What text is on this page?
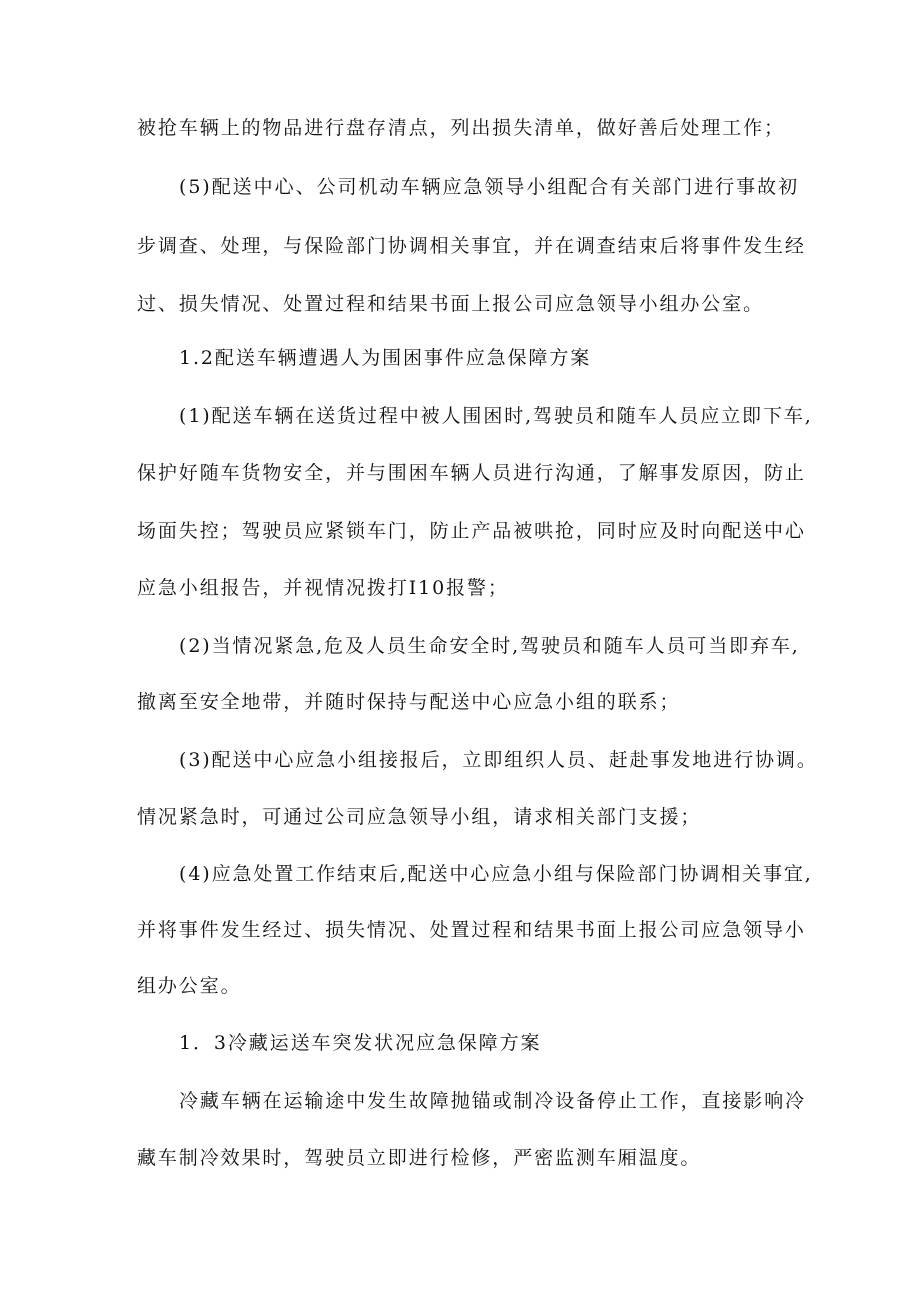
被抢车辆上的物品进行盘存清点，列出损失清单，做好善后处理工作；
(5)配送中心、公司机动车辆应急领导小组配合有关部门进行事故初
步调查、处理，与保险部门协调相关事宜，并在调查结束后将事件发生经
过、损失情况、处置过程和结果书面上报公司应急领导小组办公室。
1.2配送车辆遭遇人为围困事件应急保障方案
(1)配送车辆在送货过程中被人围困时,驾驶员和随车人员应立即下车,
保护好随车货物安全，并与围困车辆人员进行沟通，了解事发原因，防止
场面失控；驾驶员应紧锁车门，防止产品被哄抢，同时应及时向配送中心
应急小组报告，并视情况拨打I10报警；
(2)当情况紧急,危及人员生命安全时,驾驶员和随车人员可当即弃车,
撤离至安全地带，并随时保持与配送中心应急小组的联系；
(3)配送中心应急小组接报后，立即组织人员、赶赴事发地进行协调。
情况紧急时，可通过公司应急领导小组，请求相关部门支援；
(4)应急处置工作结束后,配送中心应急小组与保险部门协调相关事宜,
并将事件发生经过、损失情况、处置过程和结果书面上报公司应急领导小
组办公室。
1．3冷藏运送车突发状况应急保障方案
冷藏车辆在运输途中发生故障抛锚或制冷设备停止工作，直接影响冷
藏车制冷效果时，驾驶员立即进行检修，严密监测车厢温度。
